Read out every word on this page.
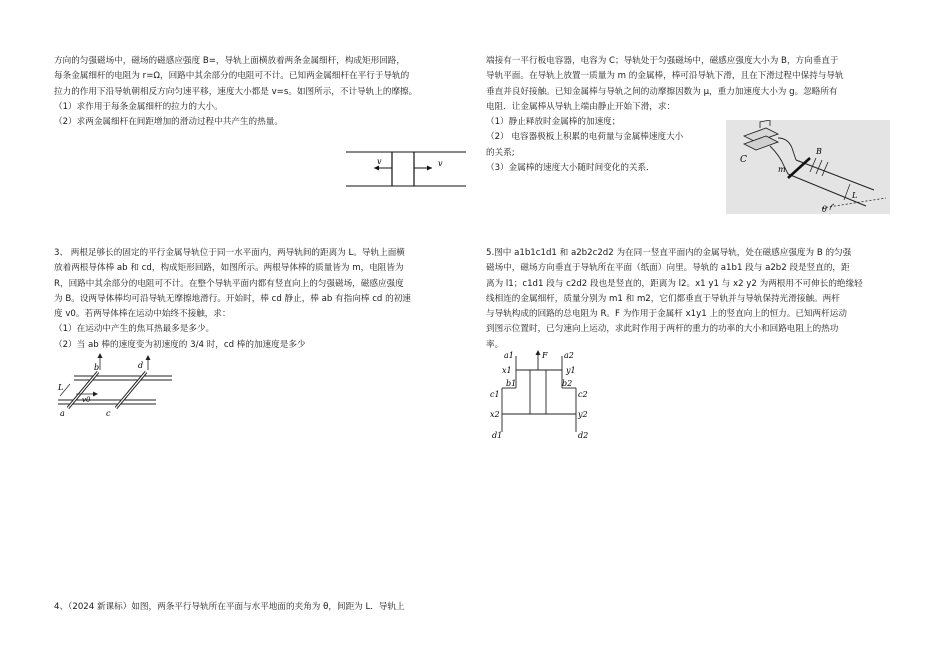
方向的匀强磁场中，磁场的磁感应强度 B=，导轨上面横放着两条金属细杆，构成矩形回路，

每条金属细杆的电阻为 r=Ω，回路中其余部分的电阻可不计。已知两金属细杆在平行于导轨的

拉力的作用下沿导轨朝相反方向匀速平移，速度大小都是 v=s。如图所示，不计导轨上的摩擦。

（1）求作用于每条金属细杆的拉力的大小。

（2）求两金属细杆在间距增加的滑动过程中共产生的热量。

v	v

端接有一平行板电容器，电容为 C；导轨处于匀强磁场中，磁感应强度大小为 B，方向垂直于

导轨平面。在导轨上放置一质量为 m 的金属棒，棒可沿导轨下滑，且在下滑过程中保持与导轨

垂直并良好接触。已知金属棒与导轨之间的动摩擦因数为 μ，重力加速度大小为 g。忽略所有

电阻．让金属棒从导轨上端由静止开始下滑，求：

（1）静止释放时金属棒的加速度；

（2） 电容器极板上积累的电荷量与金属棒速度大小

的关系;

（3）金属棒的速度大小随时间变化的关系．

C
B
m
L
θ

3、 两根足够长的固定的平行金属导轨位于同一水平面内，两导轨间的距离为 L。导轨上面横

放着两根导体棒 ab 和 cd，构成矩形回路，如图所示。两根导体棒的质量皆为 m，电阻皆为

R，回路中其余部分的电阻可不计。在整个导轨平面内都有竖直向上的匀强磁场，磁感应强度

为 B。设两导体棒均可沿导轨无摩擦地滑行。开始时，棒 cd 静止，棒 ab 有指向棒 cd 的初速

度 v0。若两导体棒在运动中始终不接触，求：

（1）在运动中产生的焦耳热最多是多少。

（2）当 ab 棒的速度变为初速度的 3/4 时，cd 棒的加速度是多少

b	d
a	c
L
v0

5.图中 a1b1c1d1 和 a2b2c2d2 为在同一竖直平面内的金属导轨，处在磁感应强度为 B 的匀强

磁场中，磁场方向垂直于导轨所在平面（纸面）向里。导轨的 a1b1 段与 a2b2 段是竖直的，距

离为 l1；c1d1 段与 c2d2 段也是竖直的，距离为 l2。x1 y1 与 x2 y2 为两根用不可伸长的绝缘轻

线相连的金属细杆，质量分别为 m1 和 m2，它们都垂直于导轨并与导轨保持光滑接触。两杆

与导轨构成的回路的总电阻为 R。F 为作用于金属杆 x1y1 上的竖直向上的恒力。已知两杆运动

到图示位置时，已匀速向上运动，求此时作用于两杆的重力的功率的大小和回路电阻上的热功

率。

a1	a2
F
x1	y1
b1	b2
c1	c2
x2	y2
d1	d2

4、（2024 新课标）如图，两条平行导轨所在平面与水平地面的夹角为 θ，间距为 L．导轨上
